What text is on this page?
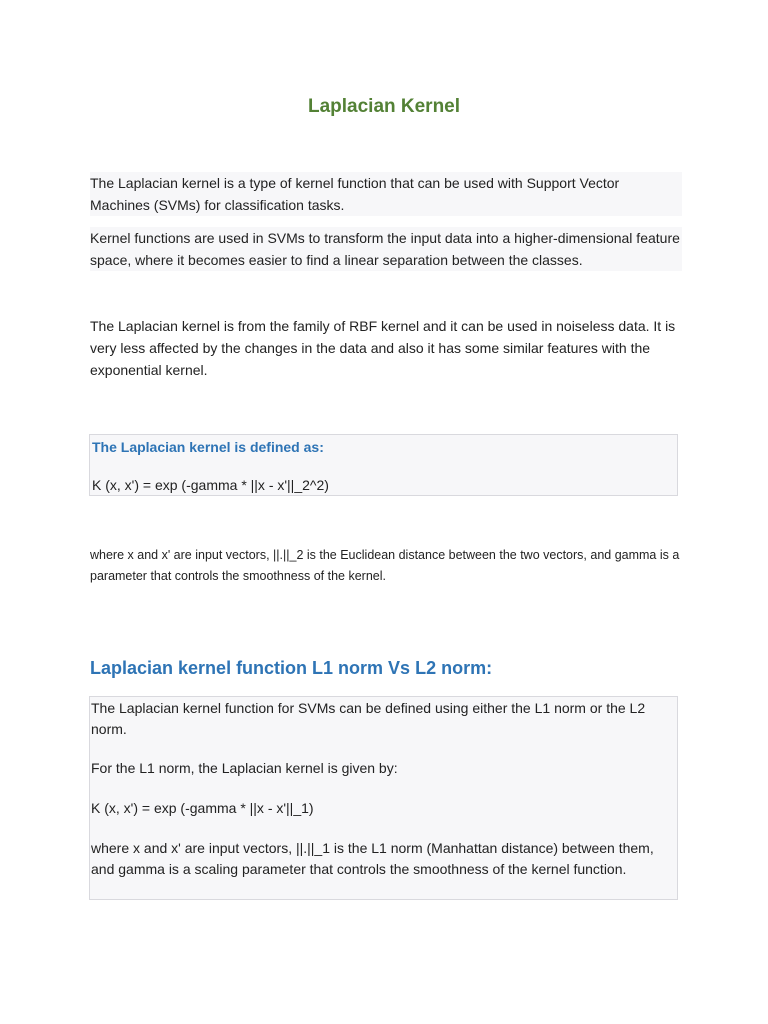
Laplacian Kernel

The Laplacian kernel is a type of kernel function that can be used with Support Vector Machines (SVMs) for classification tasks.

Kernel functions are used in SVMs to transform the input data into a higher-dimensional feature space, where it becomes easier to find a linear separation between the classes.

The Laplacian kernel is from the family of RBF kernel and it can be used in noiseless data. It is very less affected by the changes in the data and also it has some similar features with the exponential kernel.

The Laplacian kernel is defined as:
K (x, x') = exp (-gamma * ||x - x'||_2^2)

where x and x' are input vectors, ||.||_2 is the Euclidean distance between the two vectors, and gamma is a parameter that controls the smoothness of the kernel.

Laplacian kernel function L1 norm Vs L2 norm:

The Laplacian kernel function for SVMs can be defined using either the L1 norm or the L2 norm.

For the L1 norm, the Laplacian kernel is given by:

K (x, x') = exp (-gamma * ||x - x'||_1)

where x and x' are input vectors, ||.||_1 is the L1 norm (Manhattan distance) between them, and gamma is a scaling parameter that controls the smoothness of the kernel function.
